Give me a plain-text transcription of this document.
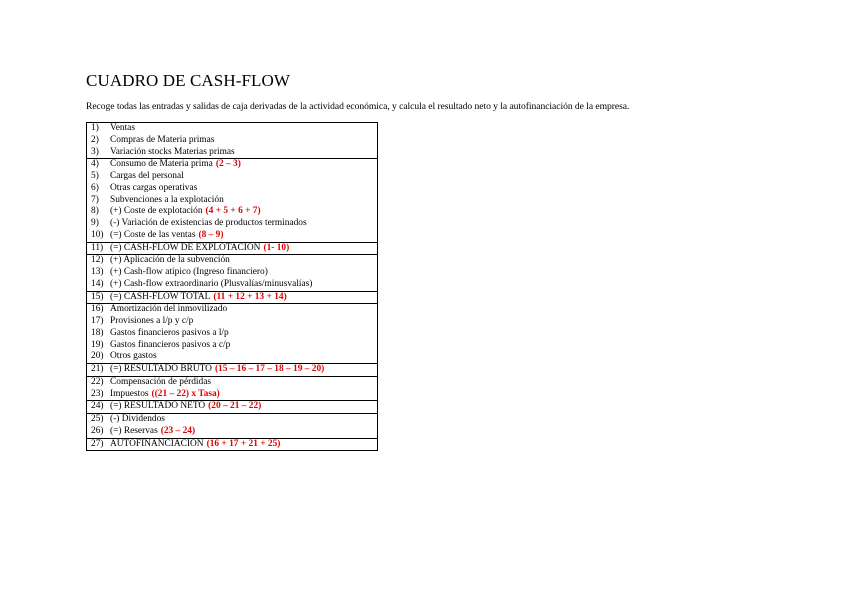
CUADRO DE CASH-FLOW
Recoge todas las entradas y salidas de caja derivadas de la actividad económica, y calcula el resultado neto y la autofinanciación de la empresa.
1)	Ventas
2)	Compras de Materia primas
3)	Variación stocks Materias primas
4)	Consumo de Materia prima (2 – 3)
5)	Cargas del personal
6)	Otras cargas operativas
7)	Subvenciones a la explotación
8)	(+) Coste de explotación (4 + 5 + 6 + 7)
9)	(-) Variación de existencias de productos terminados
10) (=) Coste de las ventas (8 – 9)
11) (=) CASH-FLOW DE EXPLOTACIÓN (1- 10)
12) (+) Aplicación de la subvención
13) (+) Cash-flow atípico (Ingreso financiero)
14) (+) Cash-flow extraordinario (Plusvalías/minusvalías)
15) (=) CASH-FLOW TOTAL (11 + 12 + 13 + 14)
16) Amortización del inmovilizado
17) Provisiones a l/p y c/p
18) Gastos financieros pasivos a l/p
19) Gastos financieros pasivos a c/p
20) Otros gastos
21) (=) RESULTADO BRUTO (15 – 16 – 17 – 18 – 19 – 20)
22) Compensación de pérdidas
23) Impuestos ((21 – 22) x Tasa)
24) (=) RESULTADO NETO (20 – 21 – 22)
25) (-) Dividendos
26) (=) Reservas (23 – 24)
27) AUTOFINANCIACIÓN (16 + 17 + 21 + 25)
